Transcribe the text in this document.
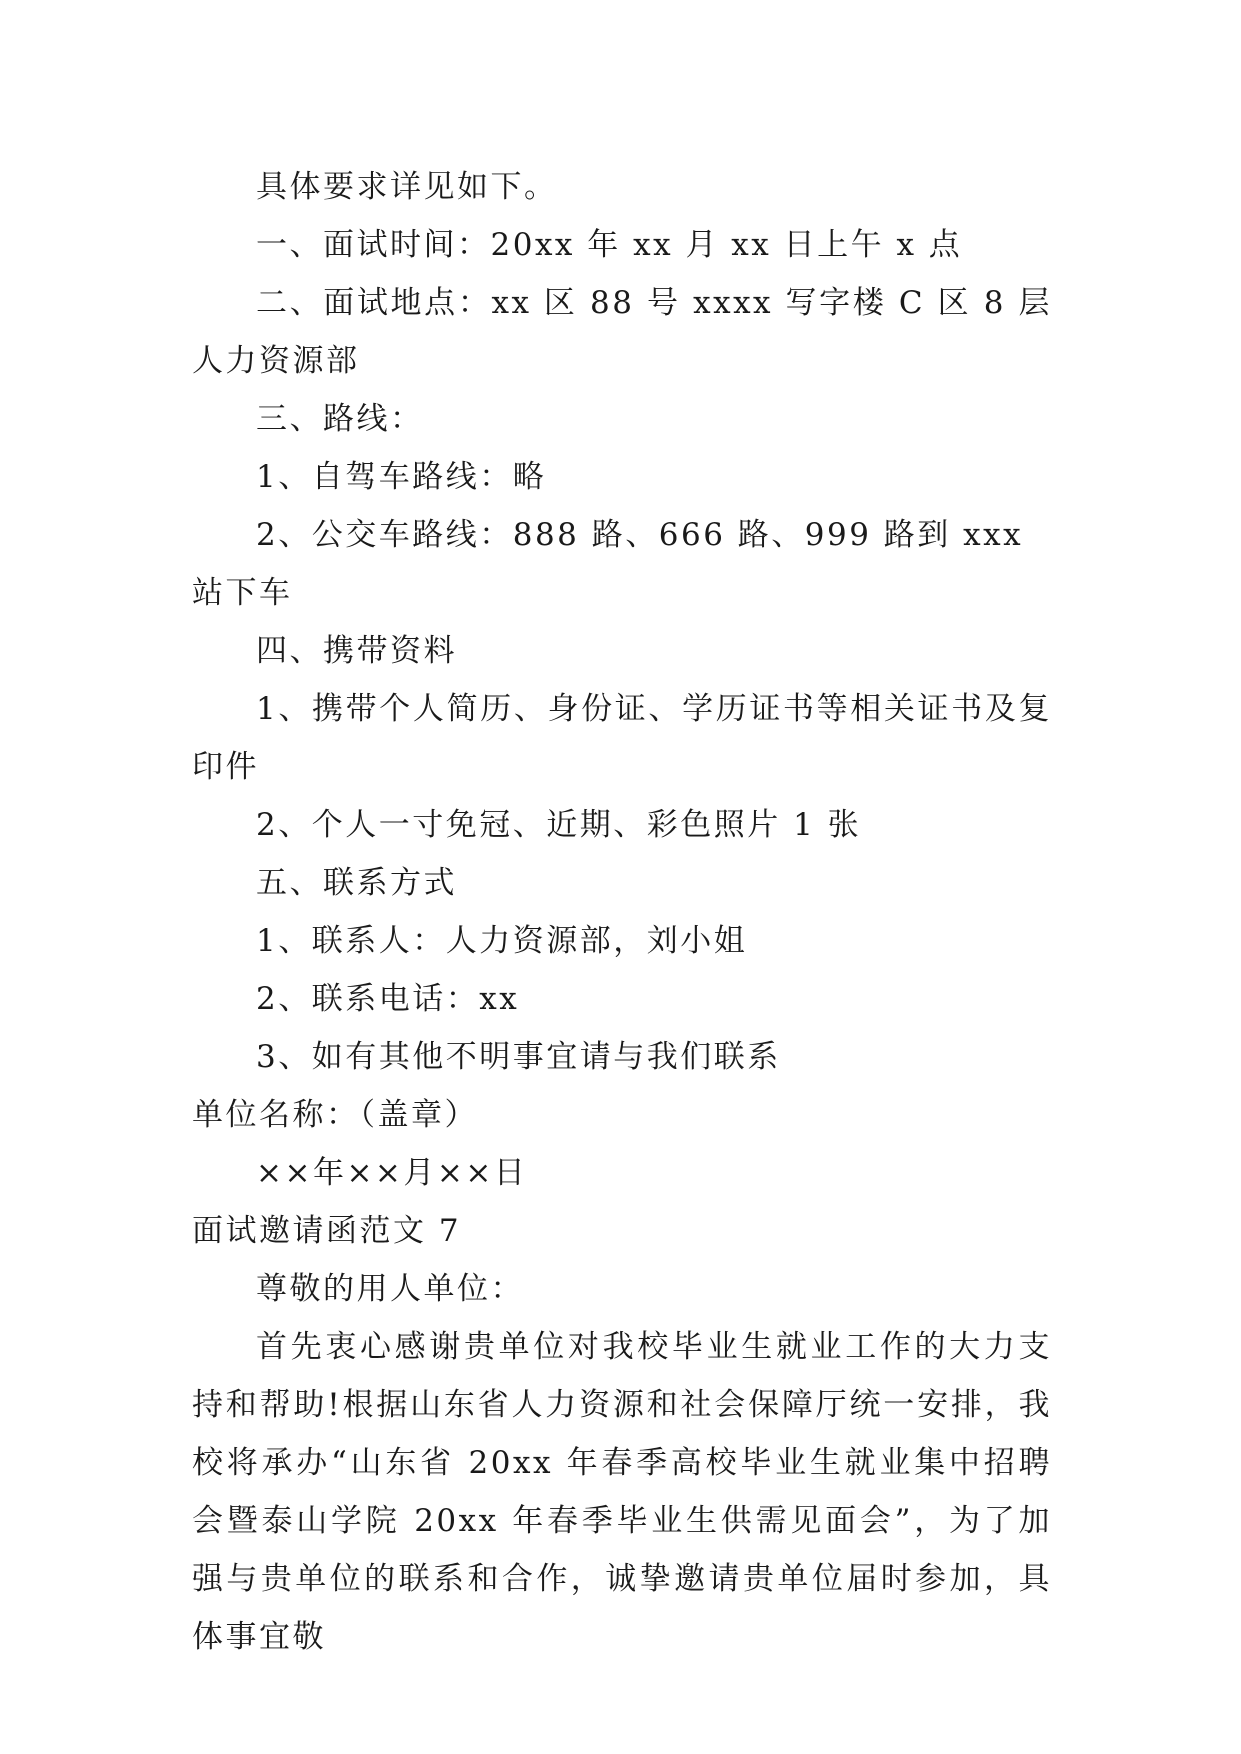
具体要求详见如下。

一、面试时间：20xx 年 xx 月 xx 日上午 x 点

二、面试地点：xx 区 88 号 xxxx 写字楼 C 区 8 层人力资源部

三、路线：

1、自驾车路线：略

2、公交车路线：888 路、666 路、999 路到 xxx 站下车

四、携带资料

1、携带个人简历、身份证、学历证书等相关证书及复印件

2、个人一寸免冠、近期、彩色照片 1 张

五、联系方式

1、联系人：人力资源部，刘小姐

2、联系电话：xx

3、如有其他不明事宜请与我们联系

单位名称：（盖章）

××年××月××日

面试邀请函范文 7

尊敬的用人单位：

首先衷心感谢贵单位对我校毕业生就业工作的大力支持和帮助!根据山东省人力资源和社会保障厅统一安排，我校将承办“山东省 20xx 年春季高校毕业生就业集中招聘会暨泰山学院 20xx 年春季毕业生供需见面会”，为了加强与贵单位的联系和合作，诚挚邀请贵单位届时参加，具体事宜敬
